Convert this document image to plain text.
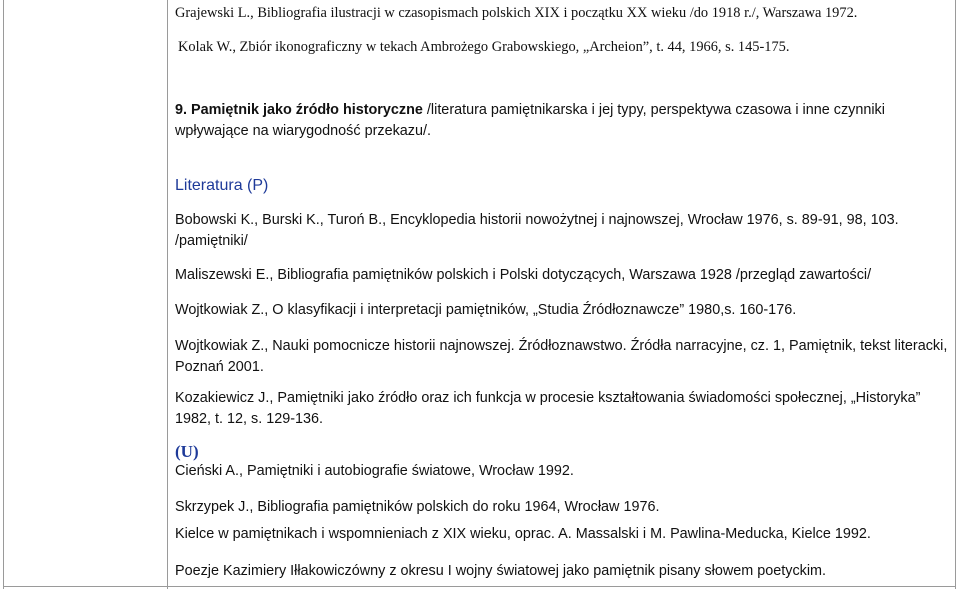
Grajewski L., Bibliografia ilustracji w czasopismach polskich XIX i początku XX wieku /do 1918 r./, Warszawa 1972.

Kolak W., Zbiór ikonograficzny w tekach Ambrożego Grabowskiego, „Archeion”, t. 44, 1966, s. 145-175.

9. Pamiętnik jako źródło historyczne /literatura pamiętnikarska i jej typy, perspektywa czasowa i inne czynniki wpływające na wiarygodność przekazu/.

Literatura (P)

Bobowski K., Burski K., Turoń B., Encyklopedia historii nowożytnej i najnowszej, Wrocław 1976, s. 89-91, 98, 103. /pamiętniki/

Maliszewski E., Bibliografia pamiętników polskich i Polski dotyczących, Warszawa 1928 /przegląd zawartości/

Wojtkowiak Z., O klasyfikacji i interpretacji pamiętników, „Studia Źródłoznawcze” 1980,s. 160-176.

Wojtkowiak Z., Nauki pomocnicze historii najnowszej. Źródłoznawstwo. Źródła narracyjne, cz. 1, Pamiętnik, tekst literacki, Poznań 2001.

Kozakiewicz J., Pamiętniki jako źródło oraz ich funkcja w procesie kształtowania świadomości społecznej, „Historyka” 1982, t. 12, s. 129-136.

(U)

Cieński A., Pamiętniki i autobiografie światowe, Wrocław 1992.

Skrzypek J., Bibliografia pamiętników polskich do roku 1964, Wrocław 1976.

Kielce w pamiętnikach i wspomnieniach z XIX wieku, oprac. A. Massalski i M. Pawlina-Meducka, Kielce 1992.

Poezje Kazimiery Iłłakowiczówny z okresu I wojny światowej jako pamiętnik pisany słowem poetyckim.
